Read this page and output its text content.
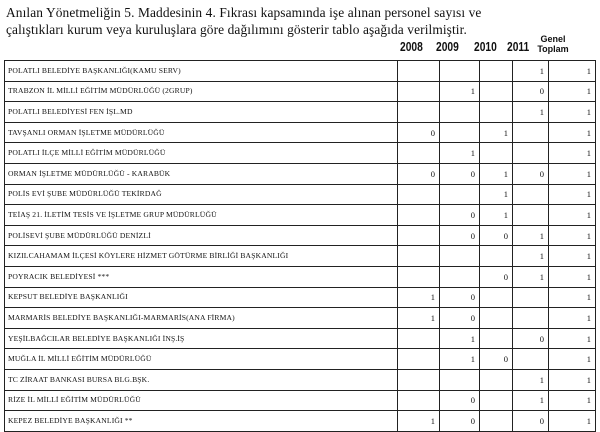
Anılan Yönetmeliğin 5. Maddesinin 4. Fıkrası kapsamında işe alınan personel sayısı ve
çalıştıkları kurum veya kuruluşlara göre dağılımını gösterir tablo aşağıda verilmiştir.
2008 2009 2010 2011
Genel
Toplam
POLATLI BELEDİYE BAŞKANLIĞI(KAMU SERV)				1	1
TRABZON İL MİLLİ EĞİTİM MÜDÜRLÜĞÜ (2GRUP)		1		0	1
POLATLI BELEDİYESİ FEN İŞL.MD				1	1
TAVŞANLI ORMAN İŞLETME MÜDÜRLÜĞÜ	0		1		1
POLATLI İLÇE MİLLİ EĞİTİM MÜDÜRLÜĞÜ		1			1
ORMAN İŞLETME MÜDÜRLÜĞÜ - KARABÜK	0	0	1	0	1
POLİS EVİ ŞUBE MÜDÜRLÜĞÜ TEKİRDAĞ			1		1
TEİAŞ 21. İLETİM TESİS VE İŞLETME GRUP MÜDÜRLÜĞÜ		0	1		1
POLİSEVİ ŞUBE MÜDÜRLÜĞÜ DENİZLİ		0	0	1	1
KIZILCAHAMAM İLÇESİ KÖYLERE HİZMET GÖTÜRME BİRLİĞİ BAŞKANLIĞI				1	1
POYRACIK BELEDİYESİ ***			0	1	1
KEPSUT BELEDİYE BAŞKANLIĞI	1	0			1
MARMARİS BELEDİYE BAŞKANLIĞI-MARMARİS(ANA FİRMA)	1	0			1
YEŞİLBAĞCILAR BELEDİYE BAŞKANLIĞI İNŞ.İŞ		1		0	1
MUĞLA İL MİLLİ EĞİTİM MÜDÜRLÜĞÜ		1	0		1
TC ZİRAAT BANKASI BURSA BLG.BŞK.				1	1
RİZE İL MİLLİ EĞİTİM MÜDÜRLÜĞÜ		0		1	1
KEPEZ BELEDİYE BAŞKANLIĞI **	1	0		0	1
